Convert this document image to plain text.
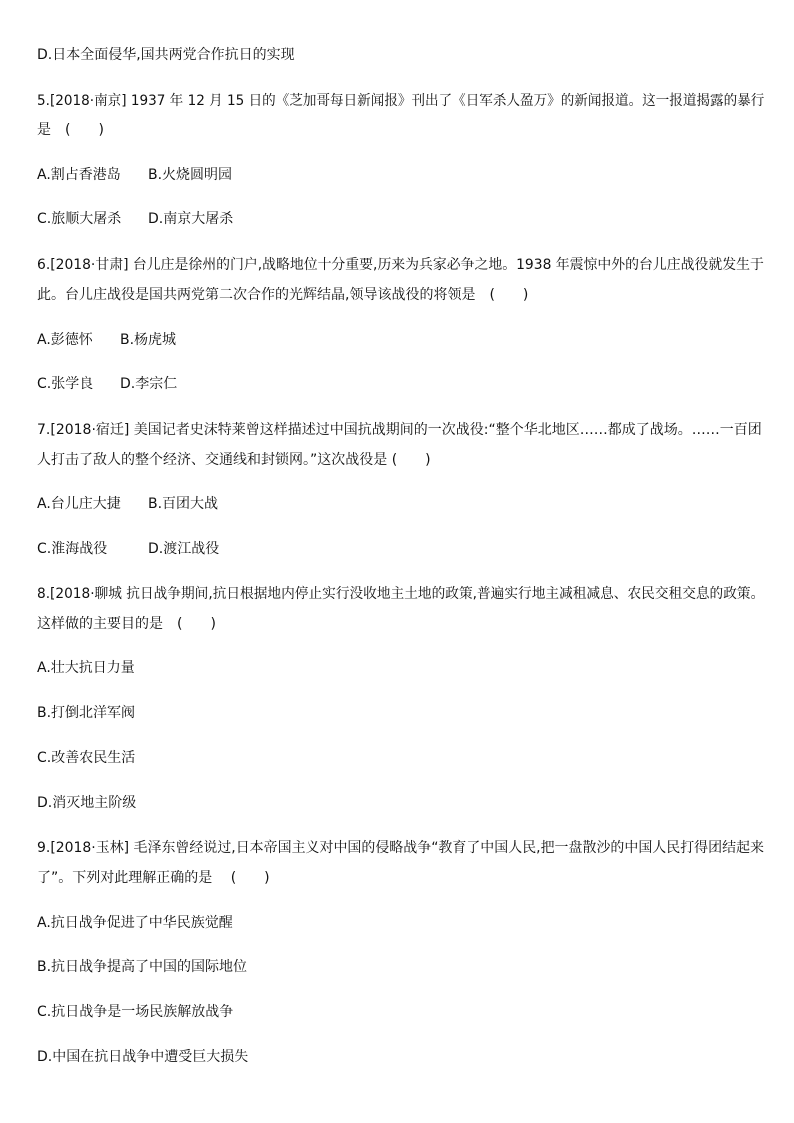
D.日本全面侵华,国共两党合作抗日的实现
5.[2018·南京] 1937 年 12 月 15 日的《芝加哥每日新闻报》刊出了《日军杀人盈万》的新闻报道。这一报道揭露的暴行
是　(　　)
A.割占香港岛 B.火烧圆明园
C.旅顺大屠杀 D.南京大屠杀
6.[2018·甘肃] 台儿庄是徐州的门户,战略地位十分重要,历来为兵家必争之地。1938 年震惊中外的台儿庄战役就发生于
此。台儿庄战役是国共两党第二次合作的光辉结晶,领导该战役的将领是　(　　)
A.彭德怀 B.杨虎城
C.张学良 D.李宗仁
7.[2018·宿迁] 美国记者史沫特莱曾这样描述过中国抗战期间的一次战役:“整个华北地区……都成了战场。……一百团
人打击了敌人的整个经济、交通线和封锁网。”这次战役是 (　　)
A.台儿庄大捷 B.百团大战
C.淮海战役	D.渡江战役
8.[2018·聊城 抗日战争期间,抗日根据地内停止实行没收地主土地的政策,普遍实行地主减租减息、农民交租交息的政策。
这样做的主要目的是　(　　)
A.壮大抗日力量
B.打倒北洋军阀
C.改善农民生活
D.消灭地主阶级
9.[2018·玉林] 毛泽东曾经说过,日本帝国主义对中国的侵略战争“教育了中国人民,把一盘散沙的中国人民打得团结起来
了”。下列对此理解正确的是　 (　　)
A.抗日战争促进了中华民族觉醒
B.抗日战争提高了中国的国际地位
C.抗日战争是一场民族解放战争
D.中国在抗日战争中遭受巨大损失
